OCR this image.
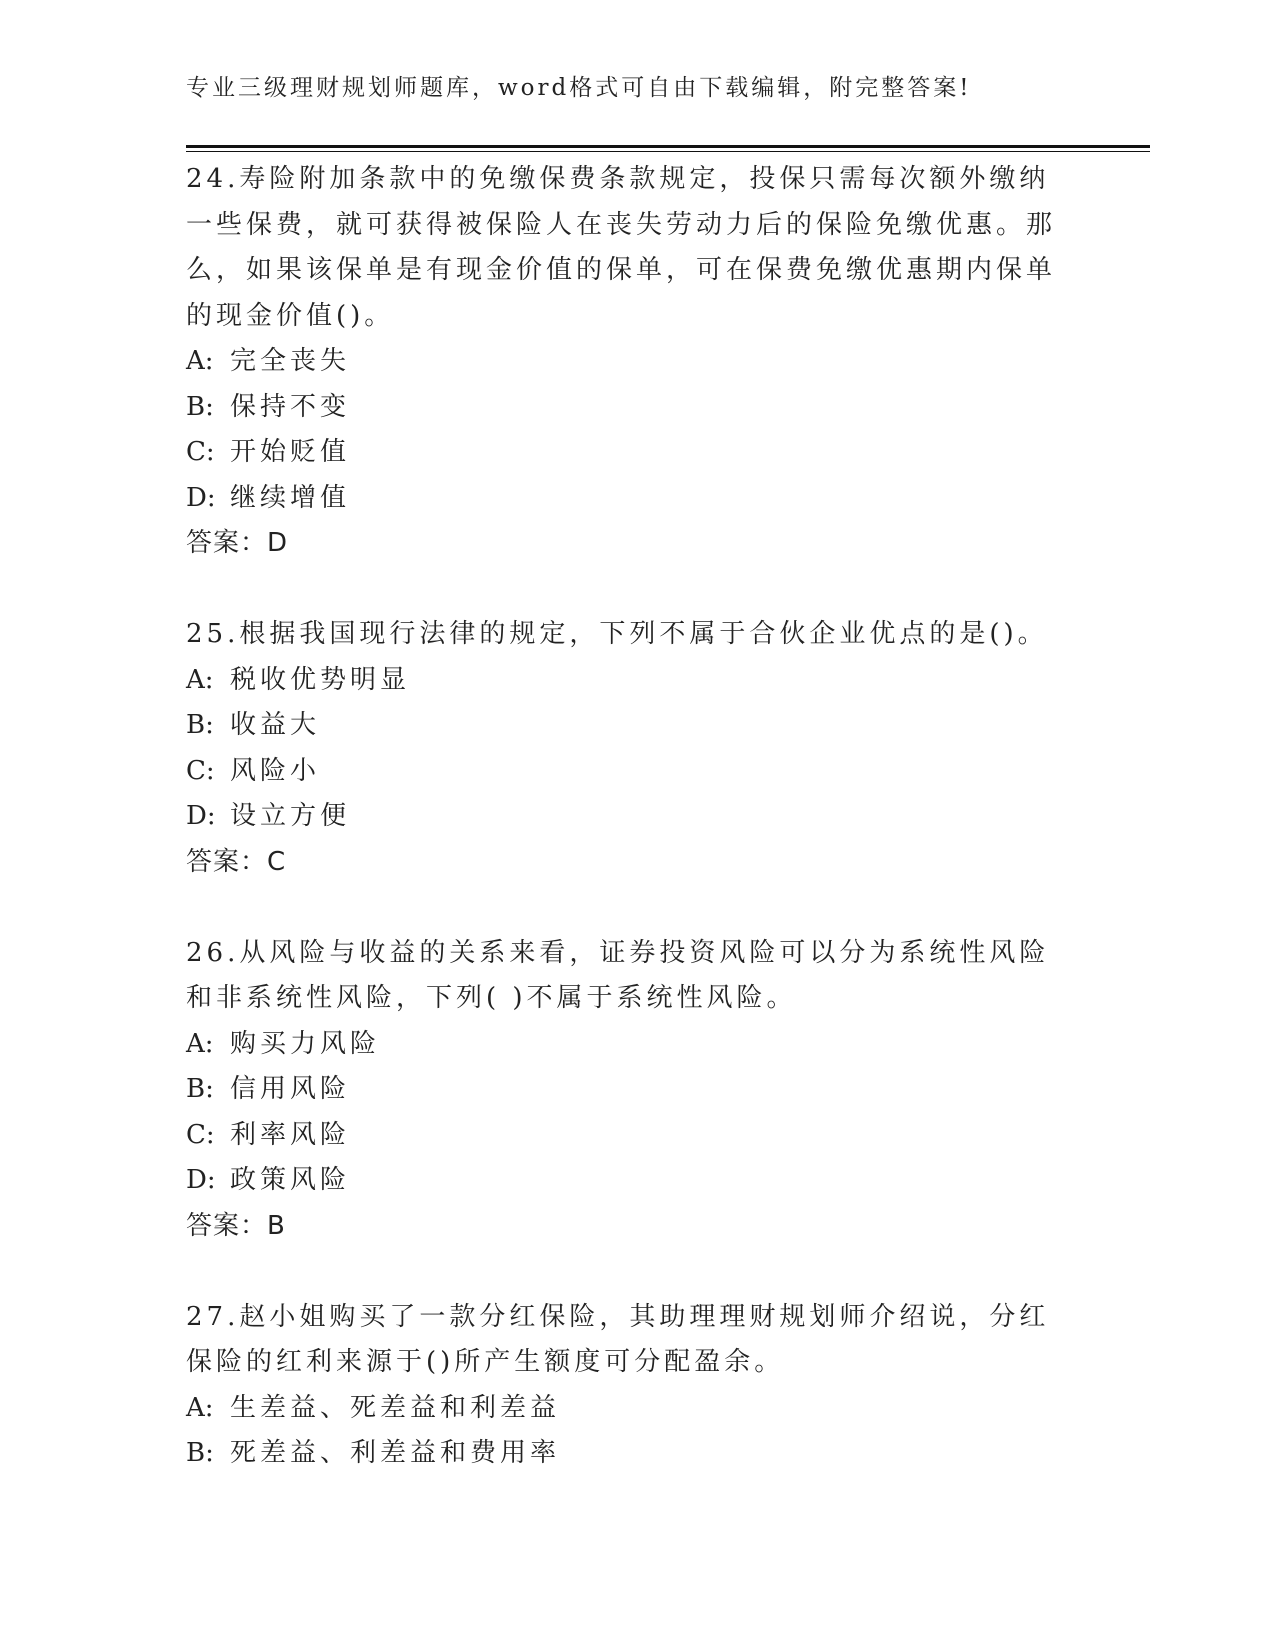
专业三级理财规划师题库，word格式可自由下载编辑，附完整答案!

24.寿险附加条款中的免缴保费条款规定，投保只需每次额外缴纳一些保费，就可获得被保险人在丧失劳动力后的保险免缴优惠。那么，如果该保单是有现金价值的保单，可在保费免缴优惠期内保单的现金价值()。

A: 完全丧失

B: 保持不变

C: 开始贬值

D: 继续增值

答案：D

25.根据我国现行法律的规定，下列不属于合伙企业优点的是()。

A: 税收优势明显

B: 收益大

C: 风险小

D: 设立方便

答案：C

26.从风险与收益的关系来看，证券投资风险可以分为系统性风险和非系统性风险，下列( )不属于系统性风险。

A: 购买力风险

B: 信用风险

C: 利率风险

D: 政策风险

答案：B

27.赵小姐购买了一款分红保险，其助理理财规划师介绍说，分红保险的红利来源于()所产生额度可分配盈余。

A: 生差益、死差益和利差益

B: 死差益、利差益和费用率
